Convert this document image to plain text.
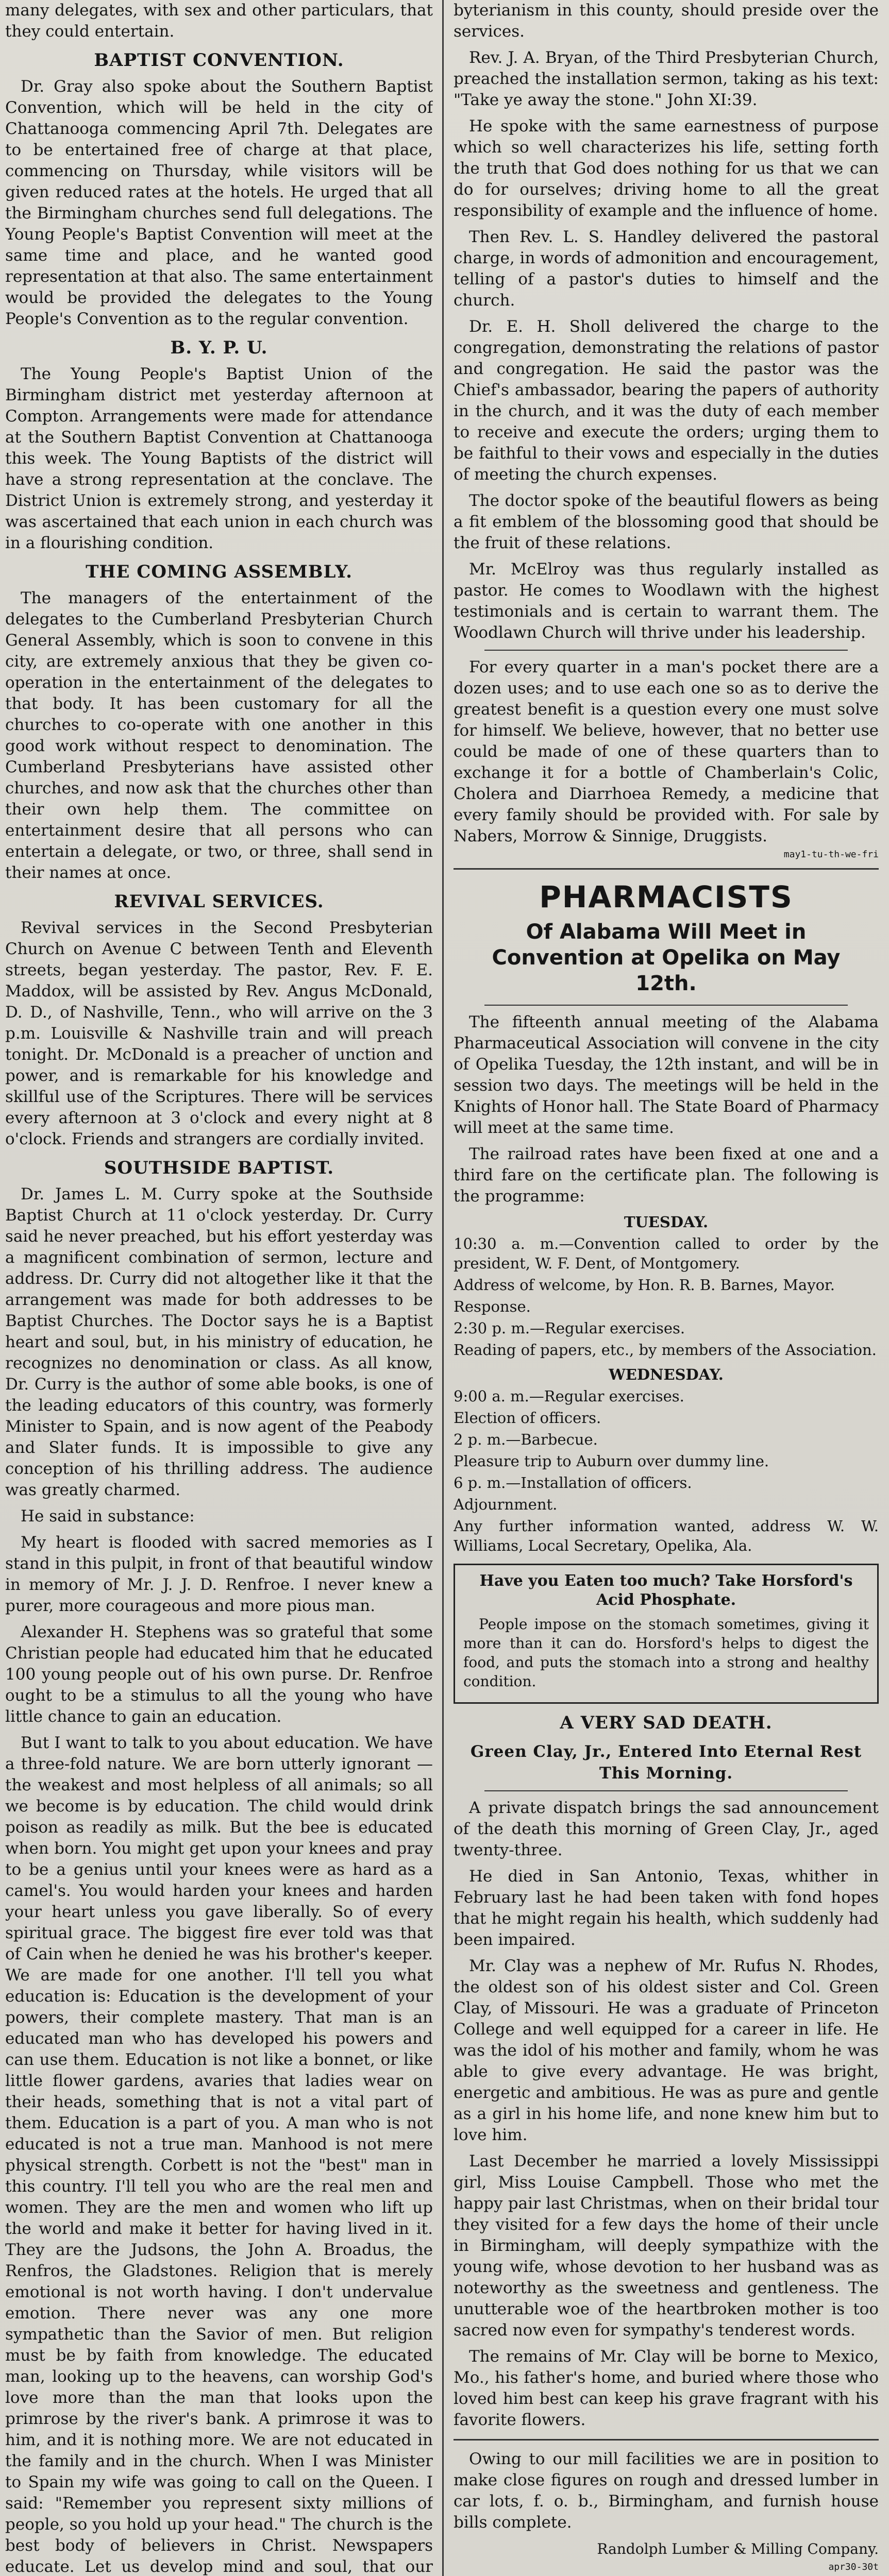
many delegates, with sex and other particulars, that they could entertain.

BAPTIST CONVENTION.

Dr. Gray also spoke about the Southern Baptist Convention, which will be held in the city of Chattanooga commencing April 7th. Delegates are to be entertained free of charge at that place, commencing on Thursday, while visitors will be given reduced rates at the hotels. He urged that all the Birmingham churches send full delegations. The Young People's Baptist Convention will meet at the same time and place, and he wanted good representation at that also. The same entertainment would be provided the delegates to the Young People's Convention as to the regular convention.

B. Y. P. U.

The Young People's Baptist Union of the Birmingham district met yesterday afternoon at Compton. Arrangements were made for attendance at the Southern Baptist Convention at Chattanooga this week. The Young Baptists of the district will have a strong representation at the conclave. The District Union is extremely strong, and yesterday it was ascertained that each union in each church was in a flourishing condition.

THE COMING ASSEMBLY.

The managers of the entertainment of the delegates to the Cumberland Presbyterian Church General Assembly, which is soon to convene in this city, are extremely anxious that they be given co-operation in the entertainment of the delegates to that body. It has been customary for all the churches to co-operate with one another in this good work without respect to denomination. The Cumberland Presbyterians have assisted other churches, and now ask that the churches other than their own help them. The committee on entertainment desire that all persons who can entertain a delegate, or two, or three, shall send in their names at once.

REVIVAL SERVICES.

Revival services in the Second Presbyterian Church on Avenue C between Tenth and Eleventh streets, began yesterday. The pastor, Rev. F. E. Maddox, will be assisted by Rev. Angus McDonald, D. D., of Nashville, Tenn., who will arrive on the 3 p.m. Louisville & Nashville train and will preach tonight. Dr. McDonald is a preacher of unction and power, and is remarkable for his knowledge and skillful use of the Scriptures. There will be services every afternoon at 3 o'clock and every night at 8 o'clock. Friends and strangers are cordially invited.

SOUTHSIDE BAPTIST.

Dr. James L. M. Curry spoke at the Southside Baptist Church at 11 o'clock yesterday. Dr. Curry said he never preached, but his effort yesterday was a magnificent combination of sermon, lecture and address. Dr. Curry did not altogether like it that the arrangement was made for both addresses to be Baptist Churches. The Doctor says he is a Baptist heart and soul, but, in his ministry of education, he recognizes no denomination or class. As all know, Dr. Curry is the author of some able books, is one of the leading educators of this country, was formerly Minister to Spain, and is now agent of the Peabody and Slater funds. It is impossible to give any conception of his thrilling address. The audience was greatly charmed.

He said in substance:

My heart is flooded with sacred memories as I stand in this pulpit, in front of that beautiful window in memory of Mr. J. J. D. Renfroe. I never knew a purer, more courageous and more pious man.

Alexander H. Stephens was so grateful that some Christian people had educated him that he educated 100 young people out of his own purse. Dr. Renfroe ought to be a stimulus to all the young who have little chance to gain an education.

But I want to talk to you about education. We have a three-fold nature. We are born utterly ignorant — the weakest and most helpless of all animals; so all we become is by education. The child would drink poison as readily as milk. But the bee is educated when born. You might get upon your knees and pray to be a genius until your knees were as hard as a camel's. You would harden your knees and harden your heart unless you gave liberally. So of every spiritual grace. The biggest fire ever told was that of Cain when he denied he was his brother's keeper. We are made for one another. I'll tell you what education is: Education is the development of your powers, their complete mastery. That man is an educated man who has developed his powers and can use them. Education is not like a bonnet, or like little flower gardens, avaries that ladies wear on their heads, something that is not a vital part of them. Education is a part of you. A man who is not educated is not a true man. Manhood is not mere physical strength. Corbett is not the "best" man in this country. I'll tell you who are the real men and women. They are the men and women who lift up the world and make it better for having lived in it. They are the Judsons, the John A. Broadus, the Renfros, the Gladstones. Religion that is merely emotional is not worth having. I don't undervalue emotion. There never was any one more sympathetic than the Savior of men. But religion must be by faith from knowledge. The educated man, looking up to the heavens, can worship God's love more than the man that looks upon the primrose by the river's bank. A primrose it was to him, and it is nothing more. We are not educated in the family and in the church. When I was Minister to Spain my wife was going to call on the Queen. I said: "Remember you represent sixty millions of people, so you hold up your head." The church is the best body of believers in Christ. Newspapers educate. Let us develop mind and soul, that our

byterianism in this county, should preside over the services.

Rev. J. A. Bryan, of the Third Presbyterian Church, preached the installation sermon, taking as his text: "Take ye away the stone." John XI:39.

He spoke with the same earnestness of purpose which so well characterizes his life, setting forth the truth that God does nothing for us that we can do for ourselves; driving home to all the great responsibility of example and the influence of home.

Then Rev. L. S. Handley delivered the pastoral charge, in words of admonition and encouragement, telling of a pastor's duties to himself and the church.

Dr. E. H. Sholl delivered the charge to the congregation, demonstrating the relations of pastor and congregation. He said the pastor was the Chief's ambassador, bearing the papers of authority in the church, and it was the duty of each member to receive and execute the orders; urging them to be faithful to their vows and especially in the duties of meeting the church expenses.

The doctor spoke of the beautiful flowers as being a fit emblem of the blossoming good that should be the fruit of these relations.

Mr. McElroy was thus regularly installed as pastor. He comes to Woodlawn with the highest testimonials and is certain to warrant them. The Woodlawn Church will thrive under his leadership.

For every quarter in a man's pocket there are a dozen uses; and to use each one so as to derive the greatest benefit is a question every one must solve for himself. We believe, however, that no better use could be made of one of these quarters than to exchange it for a bottle of Chamberlain's Colic, Cholera and Diarrhoea Remedy, a medicine that every family should be provided with. For sale by Nabers, Morrow & Sinnige, Druggists.

may1-tu-th-we-fri
PHARMACISTS
Of Alabama Will Meet in Convention at Opelika on May 12th.

The fifteenth annual meeting of the Alabama Pharmaceutical Association will convene in the city of Opelika Tuesday, the 12th instant, and will be in session two days. The meetings will be held in the Knights of Honor hall. The State Board of Pharmacy will meet at the same time.

The railroad rates have been fixed at one and a third fare on the certificate plan. The following is the programme:

TUESDAY.

10:30 a. m.—Convention called to order by the president, W. F. Dent, of Montgomery.

Address of welcome, by Hon. R. B. Barnes, Mayor.

Response.

2:30 p. m.—Regular exercises.

Reading of papers, etc., by members of the Association.

WEDNESDAY.

9:00 a. m.—Regular exercises.

Election of officers.

2 p. m.—Barbecue.

Pleasure trip to Auburn over dummy line.

6 p. m.—Installation of officers.

Adjournment.

Any further information wanted, address W. W. Williams, Local Secretary, Opelika, Ala.

Have you Eaten too much? Take Horsford's Acid Phosphate.

People impose on the stomach sometimes, giving it more than it can do. Horsford's helps to digest the food, and puts the stomach into a strong and healthy condition.

A VERY SAD DEATH.
Green Clay, Jr., Entered Into Eternal Rest This Morning.

A private dispatch brings the sad announcement of the death this morning of Green Clay, Jr., aged twenty-three.

He died in San Antonio, Texas, whither in February last he had been taken with fond hopes that he might regain his health, which suddenly had been impaired.

Mr. Clay was a nephew of Mr. Rufus N. Rhodes, the oldest son of his oldest sister and Col. Green Clay, of Missouri. He was a graduate of Princeton College and well equipped for a career in life. He was the idol of his mother and family, whom he was able to give every advantage. He was bright, energetic and ambitious. He was as pure and gentle as a girl in his home life, and none knew him but to love him.

Last December he married a lovely Mississippi girl, Miss Louise Campbell. Those who met the happy pair last Christmas, when on their bridal tour they visited for a few days the home of their uncle in Birmingham, will deeply sympathize with the young wife, whose devotion to her husband was as noteworthy as the sweetness and gentleness. The unutterable woe of the heartbroken mother is too sacred now even for sympathy's tenderest words.

The remains of Mr. Clay will be borne to Mexico, Mo., his father's home, and buried where those who loved him best can keep his grave fragrant with his favorite flowers.

Owing to our mill facilities we are in position to make close figures on rough and dressed lumber in car lots, f. o. b., Birmingham, and furnish house bills complete.

Randolph Lumber & Milling Company.

apr30-30t
